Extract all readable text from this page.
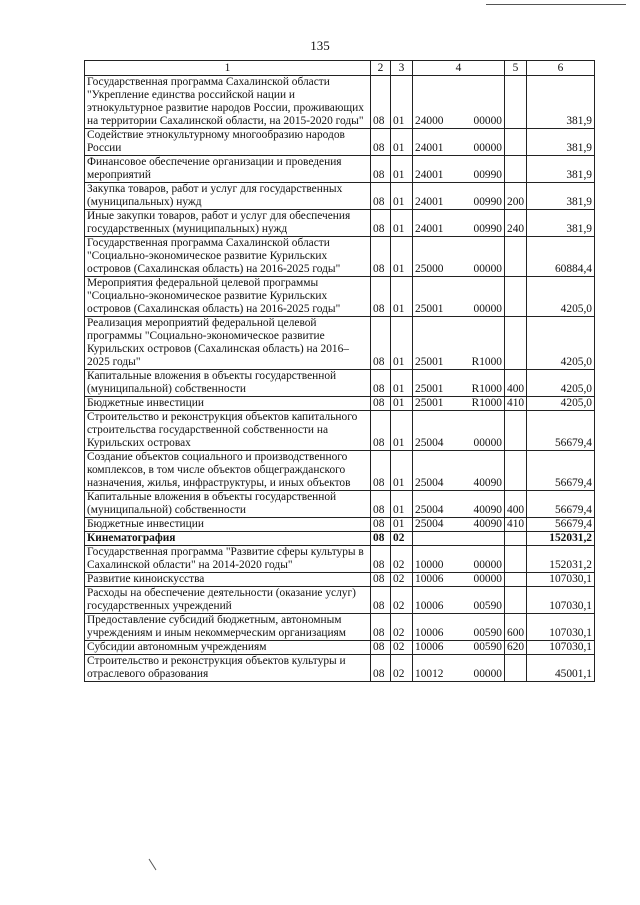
135
1	2	3	4	5	6
Государственная программа Сахалинской области "Укрепление единства российской нации и этнокультурное развитие народов России, проживающих на территории Сахалинской области, на 2015-2020 годы"	08	01	24000 00000		381,9
Содействие этнокультурному многообразию народов России	08	01	24001 00000		381,9
Финансовое обеспечение организации и проведения мероприятий	08	01	24001 00990		381,9
Закупка товаров, работ и услуг для государственных (муниципальных) нужд	08	01	24001 00990	200	381,9
Иные закупки товаров, работ и услуг для обеспечения государственных (муниципальных) нужд	08	01	24001 00990	240	381,9
Государственная программа Сахалинской области "Социально-экономическое развитие Курильских островов (Сахалинская область) на 2016-2025 годы"	08	01	25000 00000		60884,4
Мероприятия федеральной целевой программы "Социально-экономическое развитие Курильских островов (Сахалинская область) на 2016-2025 годы"	08	01	25001 00000		4205,0
Реализация мероприятий федеральной целевой программы "Социально-экономическое развитие Курильских островов (Сахалинская область) на 2016–2025 годы"	08	01	25001 R1000		4205,0
Капитальные вложения в объекты государственной (муниципальной) собственности	08	01	25001 R1000	400	4205,0
Бюджетные инвестиции	08	01	25001 R1000	410	4205,0
Строительство и реконструкция объектов капитального строительства государственной собственности на Курильских островах	08	01	25004 00000		56679,4
Создание объектов социального и производственного комплексов, в том числе объектов общегражданского назначения, жилья, инфраструктуры, и иных объектов	08	01	25004 40090		56679,4
Капитальные вложения в объекты государственной (муниципальной) собственности	08	01	25004 40090	400	56679,4
Бюджетные инвестиции	08	01	25004 40090	410	56679,4
Кинематография	08	02			152031,2
Государственная программа "Развитие сферы культуры в Сахалинской области" на 2014-2020 годы"	08	02	10000 00000		152031,2
Развитие киноискусства	08	02	10006 00000		107030,1
Расходы на обеспечение деятельности (оказание услуг) государственных учреждений	08	02	10006 00590		107030,1
Предоставление субсидий бюджетным, автономным учреждениям и иным некоммерческим организациям	08	02	10006 00590	600	107030,1
Субсидии автономным учреждениям	08	02	10006 00590	620	107030,1
Строительство и реконструкция объектов культуры и отраслевого образования	08	02	10012 00000		45001,1
